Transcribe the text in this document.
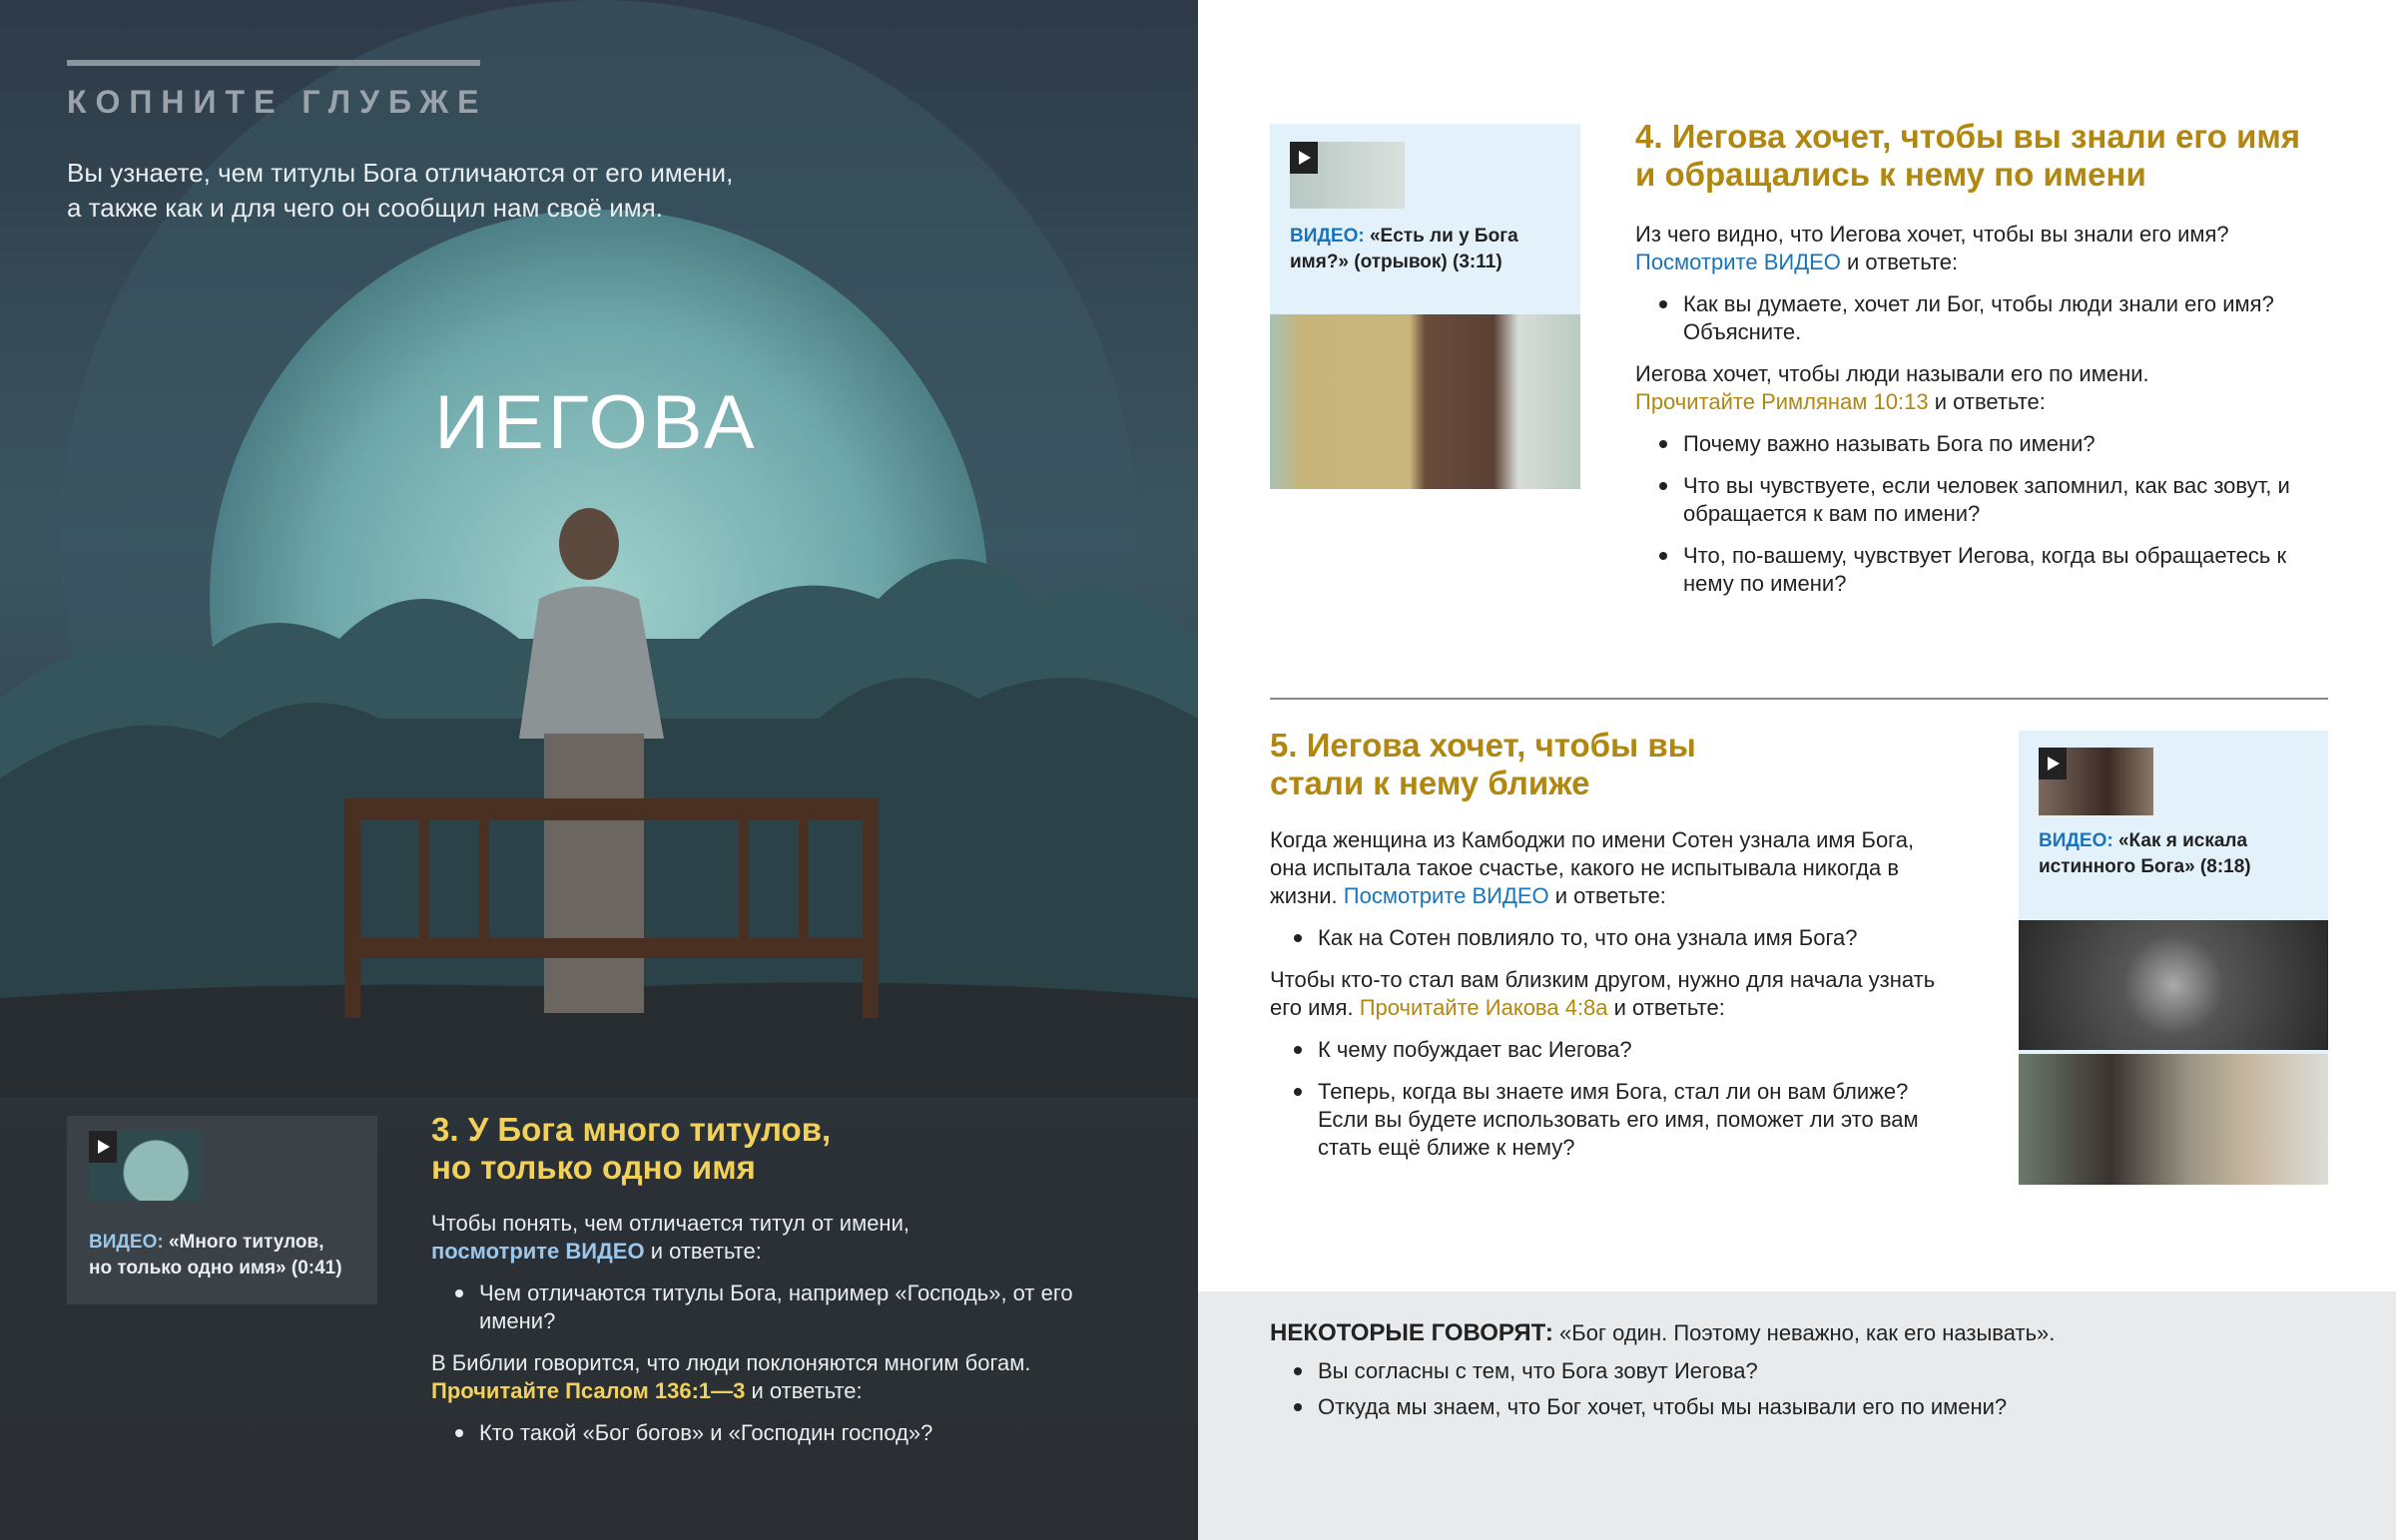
КОПНИТЕ ГЛУБЖЕ
Вы узнаете, чем титулы Бога отличаются от его имени,
а также как и для чего он сообщил нам своё имя.
ИЕГОВА
ВИДЕО: «Много титулов,
но только одно имя» (0:41)
3. У Бога много титулов,
но только одно имя
Чтобы понять, чем отличается титул от имени,
посмотрите ВИДЕО и ответьте:
Чем отличаются титулы Бога, например «Господь», от его имени?
В Библии говорится, что люди поклоняются многим богам.
Прочитайте Псалом 136:1—3 и ответьте:
Кто такой «Бог богов» и «Господин господ»?
ВИДЕО: «Есть ли у Бога
имя?» (отрывок) (3:11)
4. Иегова хочет, чтобы вы знали его имя
и обращались к нему по имени
Из чего видно, что Иегова хочет, чтобы вы знали его имя?
Посмотрите ВИДЕО и ответьте:
Как вы думаете, хочет ли Бог, чтобы люди знали его имя? Объясните.
Иегова хочет, чтобы люди называли его по имени.
Прочитайте Римлянам 10:13 и ответьте:
Почему важно называть Бога по имени?
Что вы чувствуете, если человек запомнил, как вас зовут, и обращается к вам по имени?
Что, по-вашему, чувствует Иегова, когда вы обращаетесь к нему по имени?
5. Иегова хочет, чтобы вы
стали к нему ближе
Когда женщина из Камбоджи по имени Сотен узнала имя Бога, она испытала такое счастье, какого не испытывала никогда в жизни. Посмотрите ВИДЕО и ответьте:
Как на Сотен повлияло то, что она узнала имя Бога?
Чтобы кто-то стал вам близким другом, нужно для начала узнать его имя. Прочитайте Иакова 4:8а и ответьте:
К чему побуждает вас Иегова?
Теперь, когда вы знаете имя Бога, стал ли он вам ближе? Если вы будете использовать его имя, поможет ли это вам стать ещё ближе к нему?
ВИДЕО: «Как я искала
истинного Бога» (8:18)
НЕКОТОРЫЕ ГОВОРЯТ: «Бог один. Поэтому неважно, как его называть».
Вы согласны с тем, что Бога зовут Иегова?
Откуда мы знаем, что Бог хочет, чтобы мы называли его по имени?
